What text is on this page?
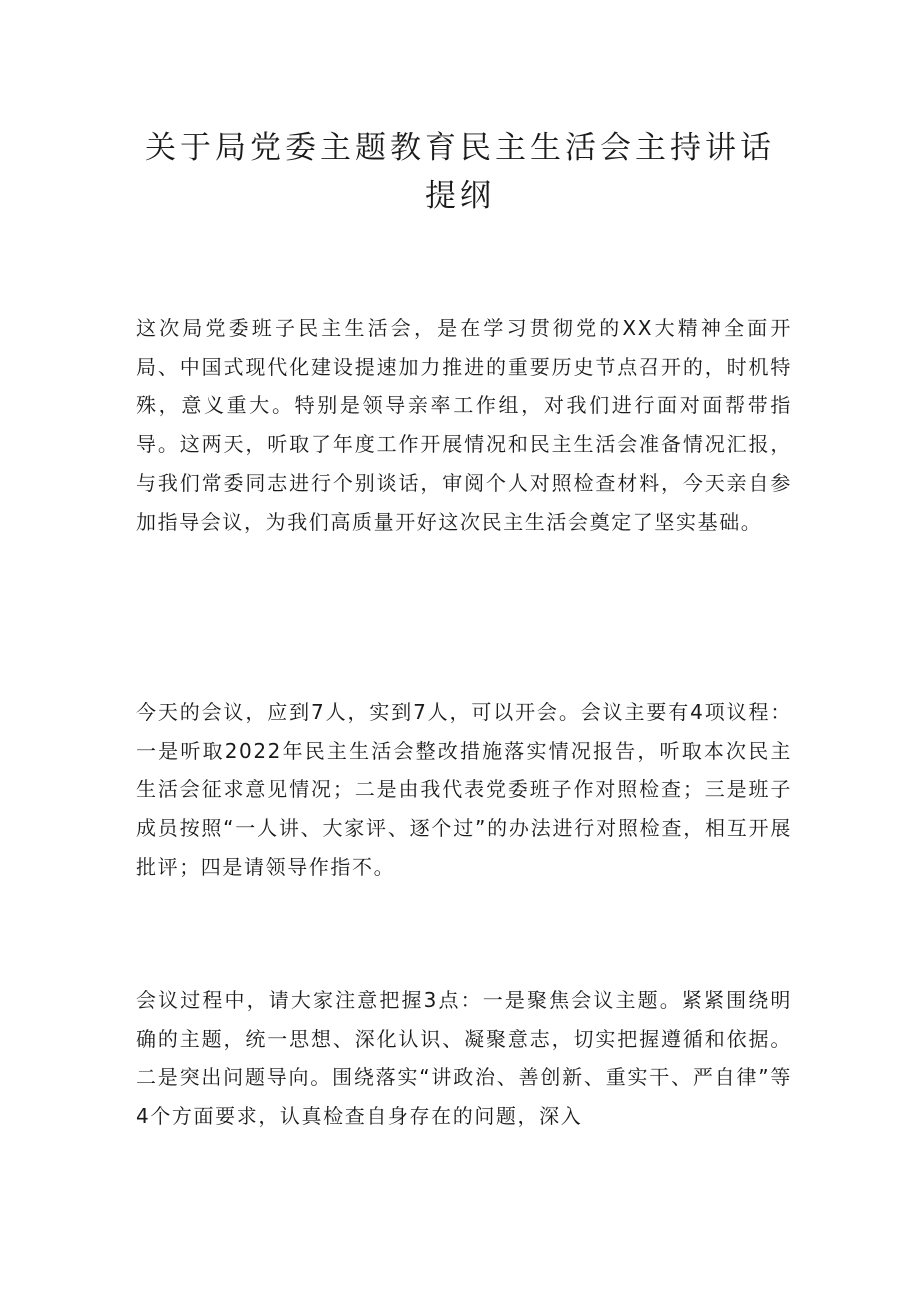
关于局党委主题教育民主生活会主持讲话
提纲

这次局党委班子民主生活会，是在学习贯彻党的XX大精神全面开局、中国式现代化建设提速加力推进的重要历史节点召开的，时机特殊，意义重大。特别是领导亲率工作组，对我们进行面对面帮带指导。这两天，听取了年度工作开展情况和民主生活会准备情况汇报，与我们常委同志进行个别谈话，审阅个人对照检查材料，今天亲自参加指导会议，为我们高质量开好这次民主生活会奠定了坚实基础。

今天的会议，应到7人，实到7人，可以开会。会议主要有4项议程：一是听取2022年民主生活会整改措施落实情况报告，听取本次民主生活会征求意见情况；二是由我代表党委班子作对照检查；三是班子成员按照“一人讲、大家评、逐个过”的办法进行对照检查，相互开展批评；四是请领导作指不。

会议过程中，请大家注意把握3点：一是聚焦会议主题。紧紧围绕明确的主题，统一思想、深化认识、凝聚意志，切实把握遵循和依据。二是突出问题导向。围绕落实“讲政治、善创新、重实干、严自律”等4个方面要求，认真检查自身存在的问题，深入
